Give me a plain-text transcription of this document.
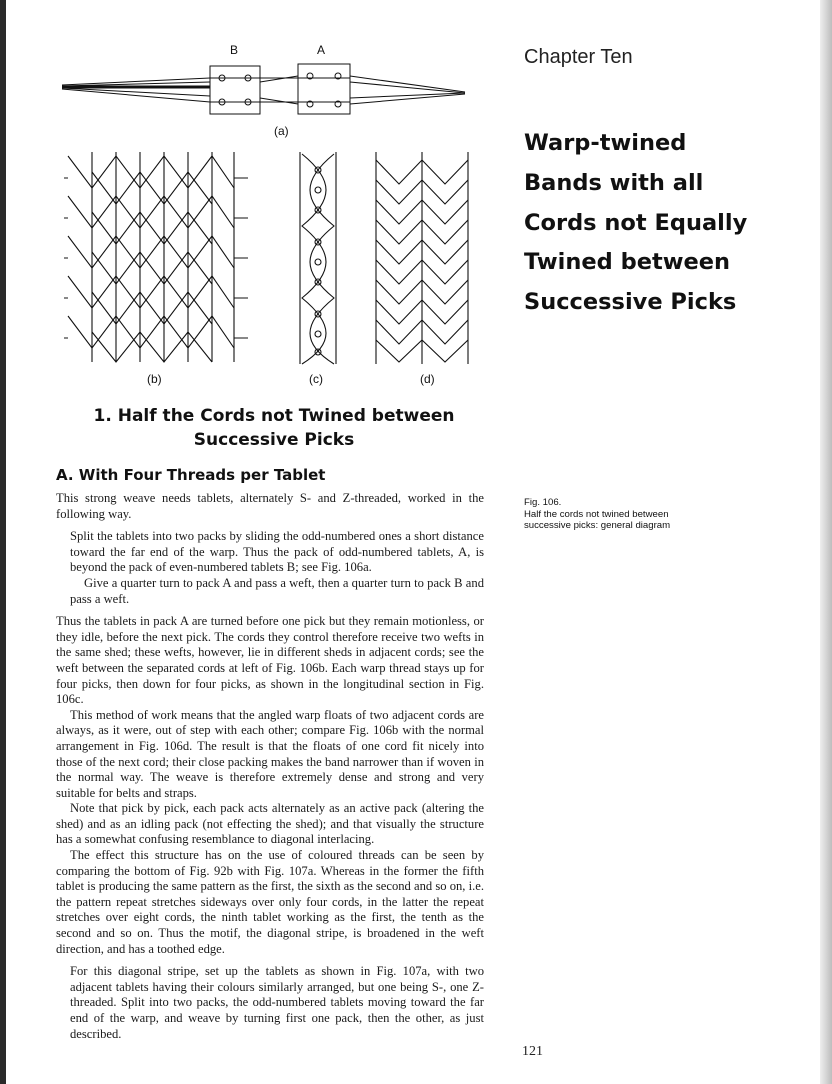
Chapter Ten
Warp-twined Bands with all Cords not Equally Twined between Successive Picks
B	A
(a)
(b)	(c)	(d)
Fig. 106.
Half the cords not twined between
successive picks: general diagram
1. Half the Cords not Twined between Successive Picks
A. With Four Threads per Tablet

This strong weave needs tablets, alternately S- and Z-threaded, worked in the following way.

Split the tablets into two packs by sliding the odd-numbered ones a short distance toward the far end of the warp. Thus the pack of odd-numbered tablets, A, is beyond the pack of even-numbered tablets B; see Fig. 106a.

Give a quarter turn to pack A and pass a weft, then a quarter turn to pack B and pass a weft.

Thus the tablets in pack A are turned before one pick but they remain motionless, or they idle, before the next pick. The cords they control therefore receive two wefts in the same shed; these wefts, however, lie in different sheds in adjacent cords; see the weft between the separated cords at left of Fig. 106b. Each warp thread stays up for four picks, then down for four picks, as shown in the longitudinal section in Fig. 106c.

This method of work means that the angled warp floats of two adjacent cords are always, as it were, out of step with each other; compare Fig. 106b with the normal arrangement in Fig. 106d. The result is that the floats of one cord fit nicely into those of the next cord; their close packing makes the band narrower than if woven in the normal way. The weave is therefore extremely dense and strong and very suitable for belts and straps.

Note that pick by pick, each pack acts alternately as an active pack (altering the shed) and as an idling pack (not effecting the shed); and that visually the structure has a somewhat confusing resemblance to diagonal interlacing.

The effect this structure has on the use of coloured threads can be seen by comparing the bottom of Fig. 92b with Fig. 107a. Whereas in the former the fifth tablet is producing the same pattern as the first, the sixth as the second and so on, i.e. the pattern repeat stretches sideways over only four cords, in the latter the repeat stretches over eight cords, the ninth tablet working as the first, the tenth as the second and so on. Thus the motif, the diagonal stripe, is broadened in the weft direction, and has a toothed edge.

For this diagonal stripe, set up the tablets as shown in Fig. 107a, with two adjacent tablets having their colours similarly arranged, but one being S-, one Z-threaded. Split into two packs, the odd-numbered tablets moving toward the far end of the warp, and weave by turning first one pack, then the other, as just described.

121
